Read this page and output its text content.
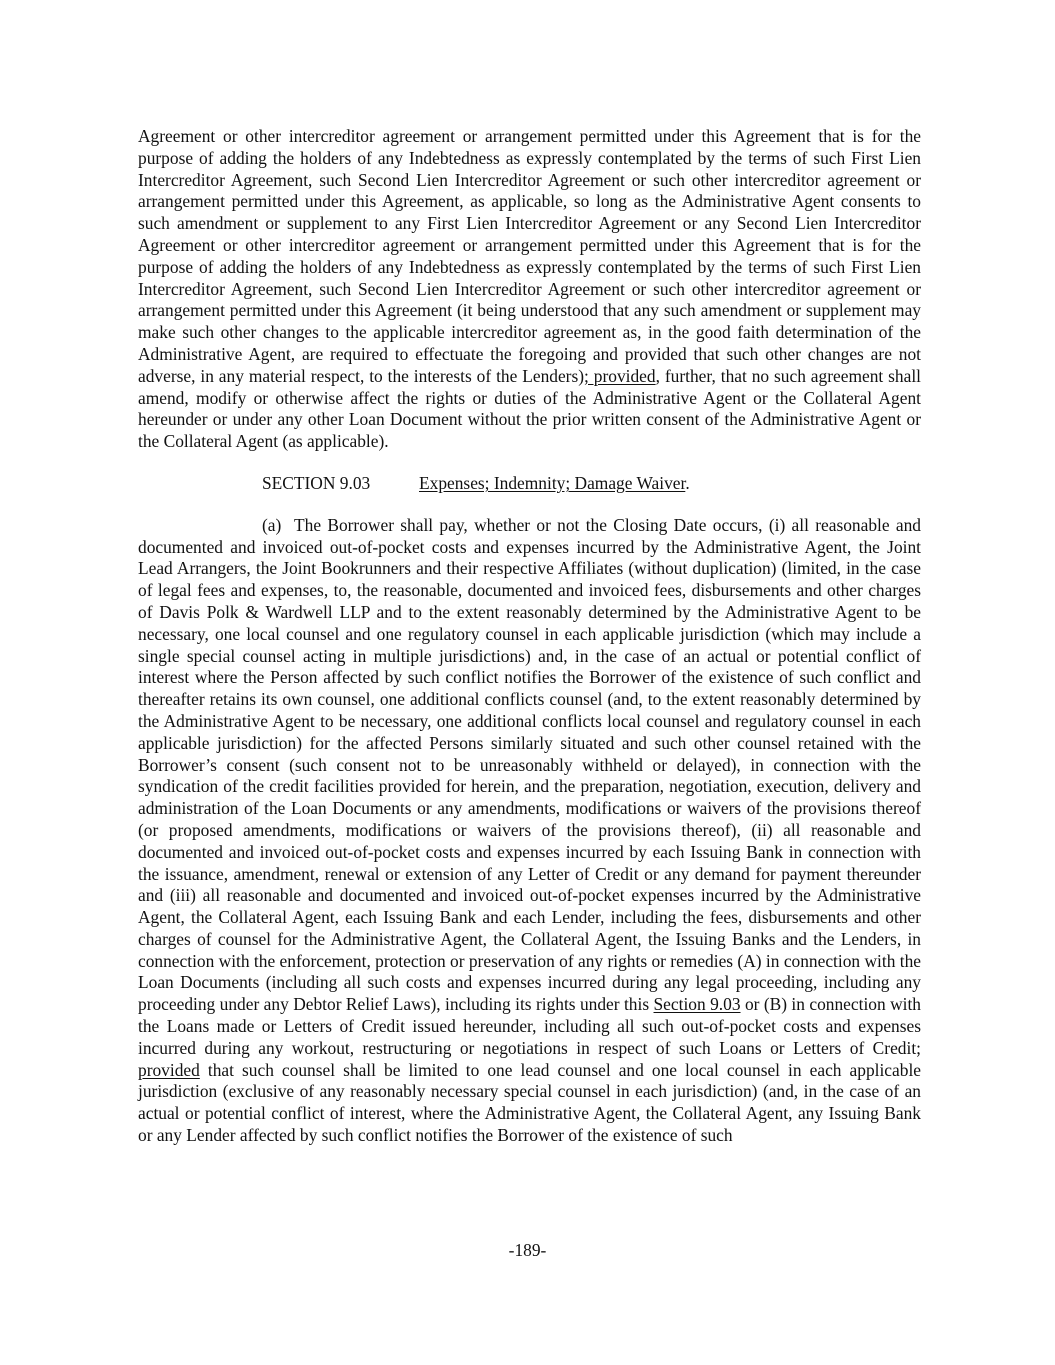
Agreement or other intercreditor agreement or arrangement permitted under this Agreement that is for the purpose of adding the holders of any Indebtedness as expressly contemplated by the terms of such First Lien Intercreditor Agreement, such Second Lien Intercreditor Agreement or such other intercreditor agreement or arrangement permitted under this Agreement, as applicable, so long as the Administrative Agent consents to such amendment or supplement to any First Lien Intercreditor Agreement or any Second Lien Intercreditor Agreement or other intercreditor agreement or arrangement permitted under this Agreement that is for the purpose of adding the holders of any Indebtedness as expressly contemplated by the terms of such First Lien Intercreditor Agreement, such Second Lien Intercreditor Agreement or such other intercreditor agreement or arrangement permitted under this Agreement (it being understood that any such amendment or supplement may make such other changes to the applicable intercreditor agreement as, in the good faith determination of the Administrative Agent, are required to effectuate the foregoing and provided that such other changes are not adverse, in any material respect, to the interests of the Lenders); provided, further, that no such agreement shall amend, modify or otherwise affect the rights or duties of the Administrative Agent or the Collateral Agent hereunder or under any other Loan Document without the prior written consent of the Administrative Agent or the Collateral Agent (as applicable).

SECTION 9.03	Expenses; Indemnity; Damage Waiver.

(a) The Borrower shall pay, whether or not the Closing Date occurs, (i) all reasonable and documented and invoiced out-of-pocket costs and expenses incurred by the Administrative Agent, the Joint Lead Arrangers, the Joint Bookrunners and their respective Affiliates (without duplication) (limited, in the case of legal fees and expenses, to, the reasonable, documented and invoiced fees, disbursements and other charges of Davis Polk & Wardwell LLP and to the extent reasonably determined by the Administrative Agent to be necessary, one local counsel and one regulatory counsel in each applicable jurisdiction (which may include a single special counsel acting in multiple jurisdictions) and, in the case of an actual or potential conflict of interest where the Person affected by such conflict notifies the Borrower of the existence of such conflict and thereafter retains its own counsel, one additional conflicts counsel (and, to the extent reasonably determined by the Administrative Agent to be necessary, one additional conflicts local counsel and regulatory counsel in each applicable jurisdiction) for the affected Persons similarly situated and such other counsel retained with the Borrower’s consent (such consent not to be unreasonably withheld or delayed), in connection with the syndication of the credit facilities provided for herein, and the preparation, negotiation, execution, delivery and administration of the Loan Documents or any amendments, modifications or waivers of the provisions thereof (or proposed amendments, modifications or waivers of the provisions thereof), (ii) all reasonable and documented and invoiced out-of-pocket costs and expenses incurred by each Issuing Bank in connection with the issuance, amendment, renewal or extension of any Letter of Credit or any demand for payment thereunder and (iii) all reasonable and documented and invoiced out-of-pocket expenses incurred by the Administrative Agent, the Collateral Agent, each Issuing Bank and each Lender, including the fees, disbursements and other charges of counsel for the Administrative Agent, the Collateral Agent, the Issuing Banks and the Lenders, in connection with the enforcement, protection or preservation of any rights or remedies (A) in connection with the Loan Documents (including all such costs and expenses incurred during any legal proceeding, including any proceeding under any Debtor Relief Laws), including its rights under this Section 9.03 or (B) in connection with the Loans made or Letters of Credit issued hereunder, including all such out-of-pocket costs and expenses incurred during any workout, restructuring or negotiations in respect of such Loans or Letters of Credit; provided that such counsel shall be limited to one lead counsel and one local counsel in each applicable jurisdiction (exclusive of any reasonably necessary special counsel in each jurisdiction) (and, in the case of an actual or potential conflict of interest, where the Administrative Agent, the Collateral Agent, any Issuing Bank or any Lender affected by such conflict notifies the Borrower of the existence of such

-189-
